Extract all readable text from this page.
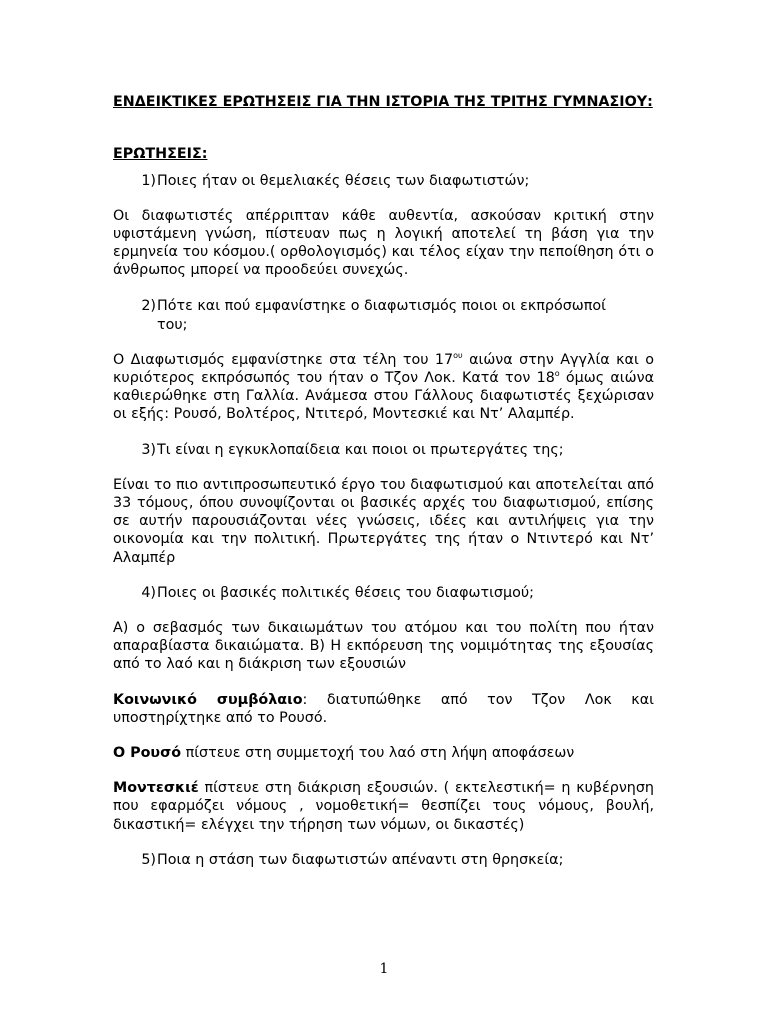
ΕΝΔΕΙΚΤΙΚΕΣ ΕΡΩΤΗΣΕΙΣ ΓΙΑ ΤΗΝ ΙΣΤΟΡΙΑ ΤΗΣ ΤΡΙΤΗΣ ΓΥΜΝΑΣΙΟΥ:

ΕΡΩΤΗΣΕΙΣ:

1) Ποιες ήταν οι θεμελιακές θέσεις των διαφωτιστών;

Οι διαφωτιστές απέρριπταν κάθε αυθεντία, ασκούσαν κριτική στην υφιστάμενη γνώση, πίστευαν πως η λογική αποτελεί τη βάση για την ερμηνεία του κόσμου.( ορθολογισμός) και τέλος είχαν την πεποίθηση ότι ο άνθρωπος μπορεί να προοδεύει συνεχώς.

2) Πότε και πού εμφανίστηκε ο διαφωτισμός ποιοι οι εκπρόσωποί του;

Ο Διαφωτισμός εμφανίστηκε στα τέλη του $17^{o\upsilon}$ αιώνα στην Αγγλία και ο κυριότερος εκπρόσωπός του ήταν ο Τζον Λοκ. Κατά τον $18^o$ όμως αιώνα καθιερώθηκε στη Γαλλία. Ανάμεσα στου Γάλλους διαφωτιστές ξεχώρισαν οι εξής: Ρουσό, Βολτέρος, Ντιτερό, Μοντεσκιέ και Ντ’ Αλαμπέρ.

3) Τι είναι η εγκυκλοπαίδεια και ποιοι οι πρωτεργάτες της;

Είναι το πιο αντιπροσωπευτικό έργο του διαφωτισμού και αποτελείται από 33 τόμους, όπου συνοψίζονται οι βασικές αρχές του διαφωτισμού, επίσης σε αυτήν παρουσιάζονται νέες γνώσεις, ιδέες και αντιλήψεις για την οικονομία και την πολιτική. Πρωτεργάτες της ήταν ο Ντιντερό και Ντ’ Αλαμπέρ

4) Ποιες οι βασικές πολιτικές θέσεις του διαφωτισμού;

Α) ο σεβασμός των δικαιωμάτων του ατόμου και του πολίτη που ήταν απαραβίαστα δικαιώματα. Β) Η εκπόρευση της νομιμότητας της εξουσίας από το λαό και η διάκριση των εξουσιών

Κοινωνικό συμβόλαιο: διατυπώθηκε από τον Τζον Λοκ και υποστηρίχτηκε από το Ρουσό.

Ο Ρουσό πίστευε στη συμμετοχή του λαό στη λήψη αποφάσεων

Μοντεσκιέ πίστευε στη διάκριση εξουσιών. ( εκτελεστική= η κυβέρνηση που εφαρμόζει νόμους , νομοθετική= θεσπίζει τους νόμους, βουλή, δικαστική= ελέγχει την τήρηση των νόμων, οι δικαστές)

5) Ποια η στάση των διαφωτιστών απέναντι στη θρησκεία;
1
